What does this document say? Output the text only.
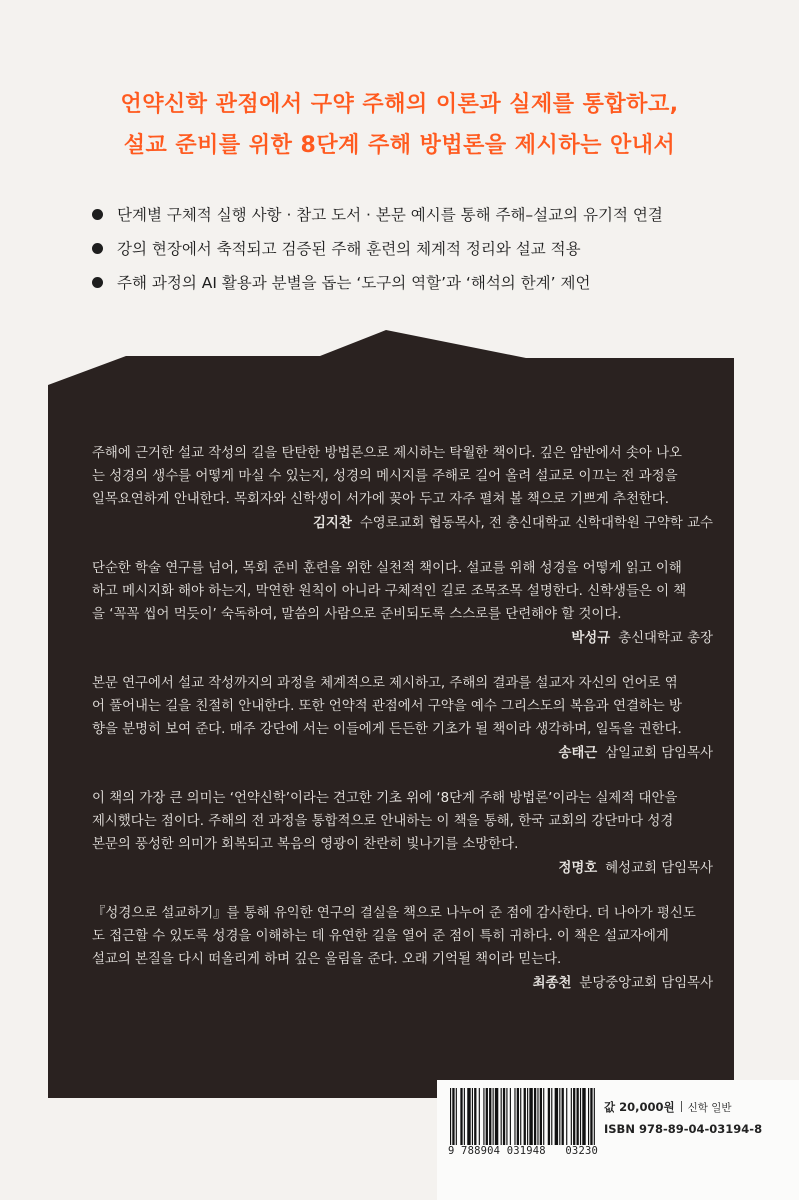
언약신학 관점에서 구약 주해의 이론과 실제를 통합하고,
설교 준비를 위한 8단계 주해 방법론을 제시하는 안내서
단계별 구체적 실행 사항 · 참고 도서 · 본문 예시를 통해 주해–설교의 유기적 연결
강의 현장에서 축적되고 검증된 주해 훈련의 체계적 정리와 설교 적용
주해 과정의 AI 활용과 분별을 돕는 ‘도구의 역할’과 ‘해석의 한계’ 제언

주해에 근거한 설교 작성의 길을 탄탄한 방법론으로 제시하는 탁월한 책이다. 깊은 암반에서 솟아 나오
는 성경의 생수를 어떻게 마실 수 있는지, 성경의 메시지를 주해로 길어 올려 설교로 이끄는 전 과정을
일목요연하게 안내한다. 목회자와 신학생이 서가에 꽂아 두고 자주 펼쳐 볼 책으로 기쁘게 추천한다.

김지찬 수영로교회 협동목사, 전 총신대학교 신학대학원 구약학 교수

단순한 학술 연구를 넘어, 목회 준비 훈련을 위한 실천적 책이다. 설교를 위해 성경을 어떻게 읽고 이해
하고 메시지화 해야 하는지, 막연한 원칙이 아니라 구체적인 길로 조목조목 설명한다. 신학생들은 이 책
을 ‘꼭꼭 씹어 먹듯이’ 숙독하여, 말씀의 사람으로 준비되도록 스스로를 단련해야 할 것이다.

박성규 총신대학교 총장

본문 연구에서 설교 작성까지의 과정을 체계적으로 제시하고, 주해의 결과를 설교자 자신의 언어로 엮
어 풀어내는 길을 친절히 안내한다. 또한 언약적 관점에서 구약을 예수 그리스도의 복음과 연결하는 방
향을 분명히 보여 준다. 매주 강단에 서는 이들에게 든든한 기초가 될 책이라 생각하며, 일독을 권한다.

송태근 삼일교회 담임목사

이 책의 가장 큰 의미는 ‘언약신학’이라는 견고한 기초 위에 ‘8단계 주해 방법론’이라는 실제적 대안을
제시했다는 점이다. 주해의 전 과정을 통합적으로 안내하는 이 책을 통해, 한국 교회의 강단마다 성경
본문의 풍성한 의미가 회복되고 복음의 영광이 찬란히 빛나기를 소망한다.

정명호 혜성교회 담임목사

『성경으로 설교하기』를 통해 유익한 연구의 결실을 책으로 나누어 준 점에 감사한다. 더 나아가 평신도
도 접근할 수 있도록 성경을 이해하는 데 유연한 길을 열어 준 점이 특히 귀하다. 이 책은 설교자에게
설교의 본질을 다시 떠올리게 하며 깊은 울림을 준다. 오래 기억될 책이라 믿는다.

최종천 분당중앙교회 담임목사
9 788904 031948 03230
값 20,000원 신학 일반
ISBN 978-89-04-03194-8
